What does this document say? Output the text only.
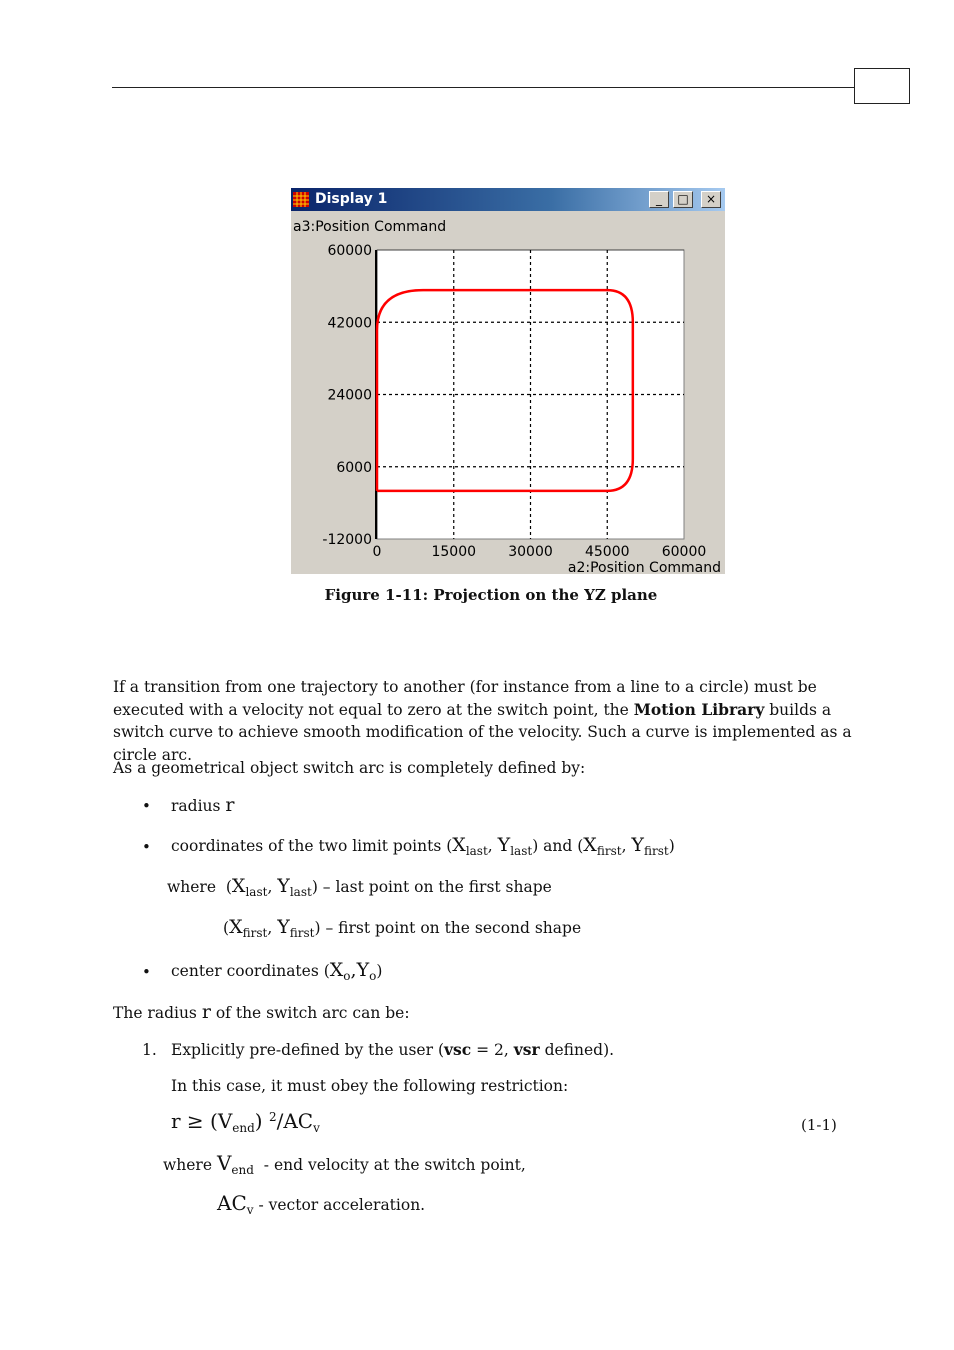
Display 1	_	□	×
60000
42000
24000
6000
-12000
0	15000 30000 45000 60000
a3:Position Command
a2:Position Command
Figure 1-11: Projection on the YZ plane
If a transition from one trajectory to another (for instance from a line to a circle) must be executed with a velocity not equal to zero at the switch point, the Motion Library builds a switch curve to achieve smooth modification of the velocity. Such a curve is implemented as a circle arc.
As a geometrical object switch arc is completely defined by:
• radius r
• coordinates of the two limit points ($X_{last}$, $Y_{last}$) and ($X_{first}$, $Y_{first}$)
where  ($X_{last}$, $Y_{last}$) – last point on the first shape
($X_{first}$, $Y_{first}$) – first point on the second shape
• center coordinates $(X_o,Y_o)$
The radius r of the switch arc can be:
1. Explicitly pre-defined by the user (vsc = 2, vsr defined).
In this case, it must obey the following restriction:
$r \ge (V_{end})$ $^2/AC_v$	(1-1)
where $V_{end}$ - end velocity at the switch point,
$AC_v$ - vector acceleration.
